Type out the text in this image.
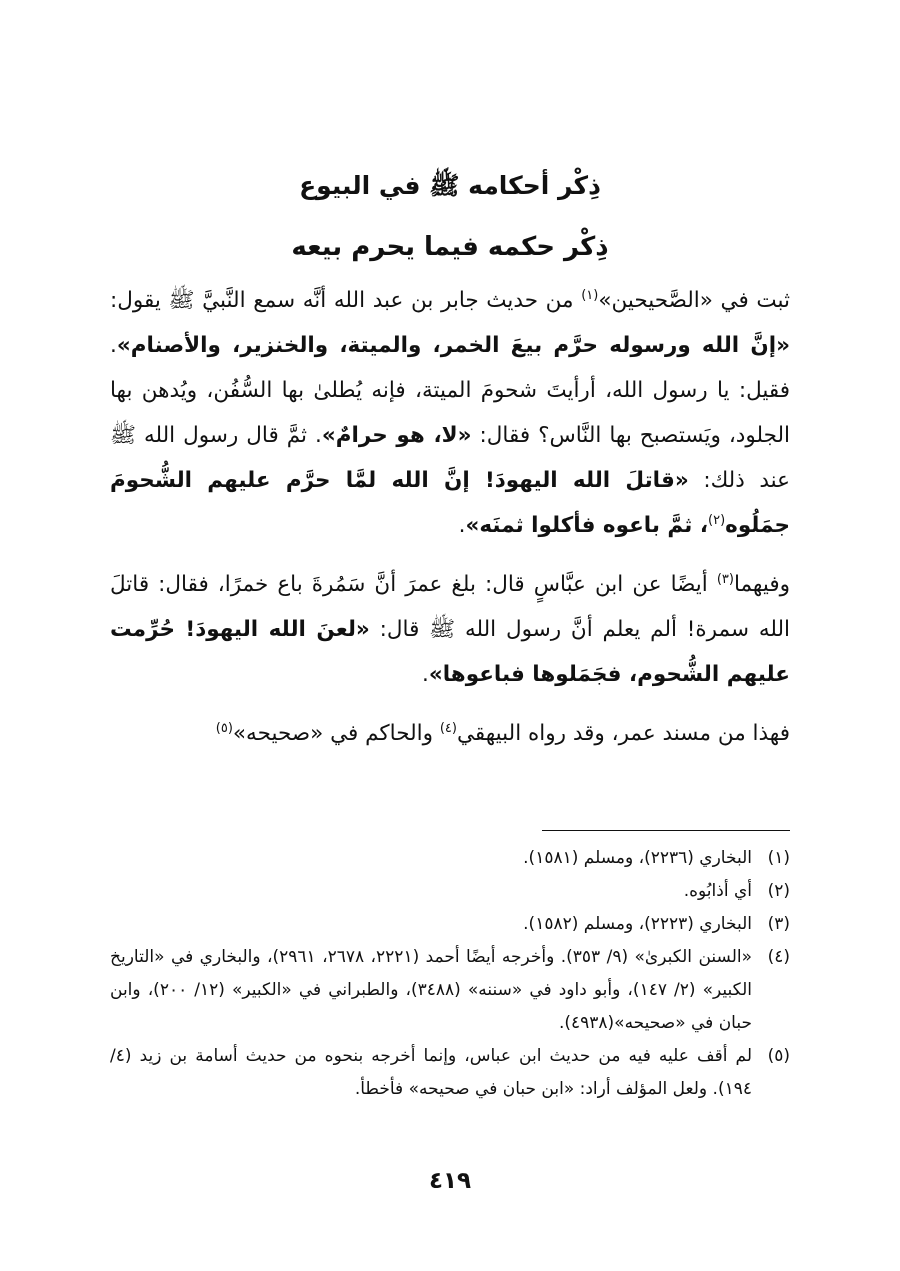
ذِكْر أحكامه ﷺ في البيوع
ذِكْر حكمه فيما يحرم بيعه

ثبت في «الصَّحيحين»$^{(١)}$ من حديث جابر بن عبد الله أنَّه سمع النَّبيَّ ﷺ يقول: «إنَّ الله ورسوله حرَّم بيعَ الخمر، والميتة، والخنزير، والأصنام». فقيل: يا رسول الله، أرأيتَ شحومَ الميتة، فإنه يُطلىٰ بها السُّفُن، ويُدهن بها الجلود، ويَستصبح بها النَّاس؟ فقال: «لا، هو حرامٌ». ثمَّ قال رسول الله ﷺ عند ذلك: «قاتلَ الله اليهودَ! إنَّ الله لمَّا حرَّم عليهم الشُّحومَ جمَلُوه$^{(٢)}$، ثمَّ باعوه فأكلوا ثمنَه».

وفيهما$^{(٣)}$ أيضًا عن ابن عبَّاسٍ قال: بلغ عمرَ أنَّ سَمُرةَ باع خمرًا، فقال: قاتلَ الله سمرة! ألم يعلم أنَّ رسول الله ﷺ قال: «لعنَ الله اليهودَ! حُرِّمت عليهم الشُّحوم، فجَمَلوها فباعوها».

فهذا من مسند عمر، وقد رواه البيهقي$^{(٤)}$ والحاكم في «صحيحه»$^{(٥)}$

(١)
البخاري (٢٢٣٦)، ومسلم (١٥٨١).
(٢)
أي أذابُوه.
(٣)
البخاري (٢٢٢٣)، ومسلم (١٥٨٢).
(٤)
«السنن الكبرىٰ» (٩/ ٣٥٣). وأخرجه أيضًا أحمد (٢٢٢١، ٢٦٧٨، ٢٩٦١)، والبخاري في «التاريخ الكبير» (٢/ ١٤٧)، وأبو داود في «سننه» (٣٤٨٨)، والطبراني في «الكبير» (١٢/ ٢٠٠)، وابن حبان في «صحيحه»(٤٩٣٨).
(٥)
لم أقف عليه فيه من حديث ابن عباس، وإنما أخرجه بنحوه من حديث أسامة بن زيد (٤/ ١٩٤). ولعل المؤلف أراد: «ابن حبان في صحيحه» فأخطأ.
٤١٩
